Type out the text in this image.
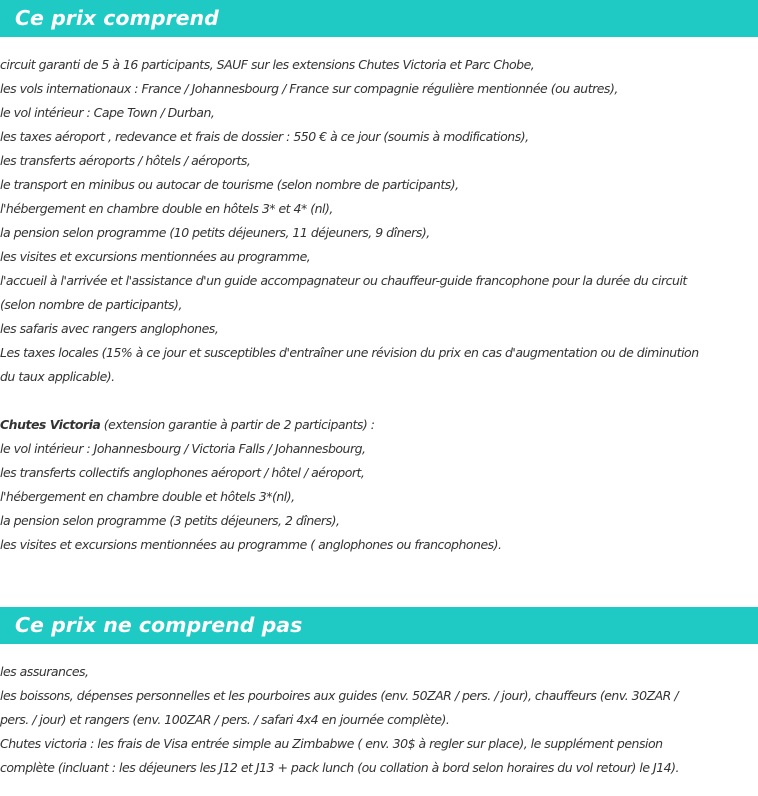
Ce prix comprend
circuit garanti de 5 à 16 participants, SAUF sur les extensions Chutes Victoria et Parc Chobe,
les vols internationaux : France / Johannesbourg / France sur compagnie régulière mentionnée (ou autres),
le vol intérieur : Cape Town / Durban,
les taxes aéroport , redevance et frais de dossier : 550 € à ce jour (soumis à modifications),
les transferts aéroports / hôtels / aéroports,
le transport en minibus ou autocar de tourisme (selon nombre de participants),
l'hébergement en chambre double en hôtels 3* et 4* (nl),
la pension selon programme (10 petits déjeuners, 11 déjeuners, 9 dîners),
les visites et excursions mentionnées au programme,
l'accueil à l'arrivée et l'assistance d'un guide accompagnateur ou chauffeur-guide francophone pour la durée du circuit
(selon nombre de participants),
les safaris avec rangers anglophones,
Les taxes locales (15% à ce jour et susceptibles d'entraîner une révision du prix en cas d'augmentation ou de diminution
du taux applicable).
Chutes Victoria (extension garantie à partir de 2 participants) :
le vol intérieur : Johannesbourg / Victoria Falls / Johannesbourg,
les transferts collectifs anglophones aéroport / hôtel / aéroport,
l'hébergement en chambre double et hôtels 3*(nl),
la pension selon programme (3 petits déjeuners, 2 dîners),
les visites et excursions mentionnées au programme ( anglophones ou francophones).
Ce prix ne comprend pas
les assurances,
les boissons, dépenses personnelles et les pourboires aux guides (env. 50ZAR / pers. / jour), chauffeurs (env. 30ZAR /
pers. / jour) et rangers (env. 100ZAR / pers. / safari 4x4 en journée complète).
Chutes victoria : les frais de Visa entrée simple au Zimbabwe ( env. 30$ à regler sur place), le supplément pension
complète (incluant : les déjeuners les J12 et J13 + pack lunch (ou collation à bord selon horaires du vol retour) le J14).
